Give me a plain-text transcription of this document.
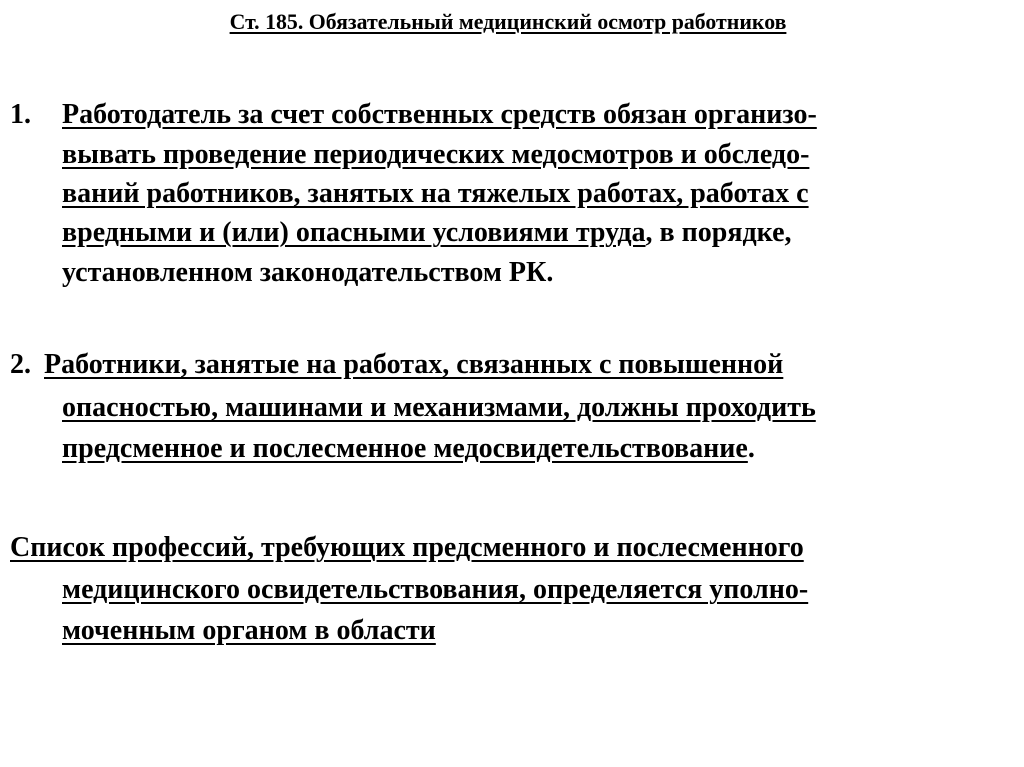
Ст. 185. Обязательный медицинский осмотр работников
1. Работодатель за счет собственных средств обязан организо-
вывать проведение периодических медосмотров и обследо-
ваний работников, занятых на тяжелых работах, работах с
вредными и (или) опасными условиями труда, в порядке,
установленном законодательством РК.
2. Работники, занятые на работах, связанных с повышенной
опасностью, машинами и механизмами, должны проходить
предсменное и послесменное медосвидетельствование.
Список профессий, требующих предсменного и послесменного
медицинского освидетельствования, определяется уполно-
моченным органом в области
